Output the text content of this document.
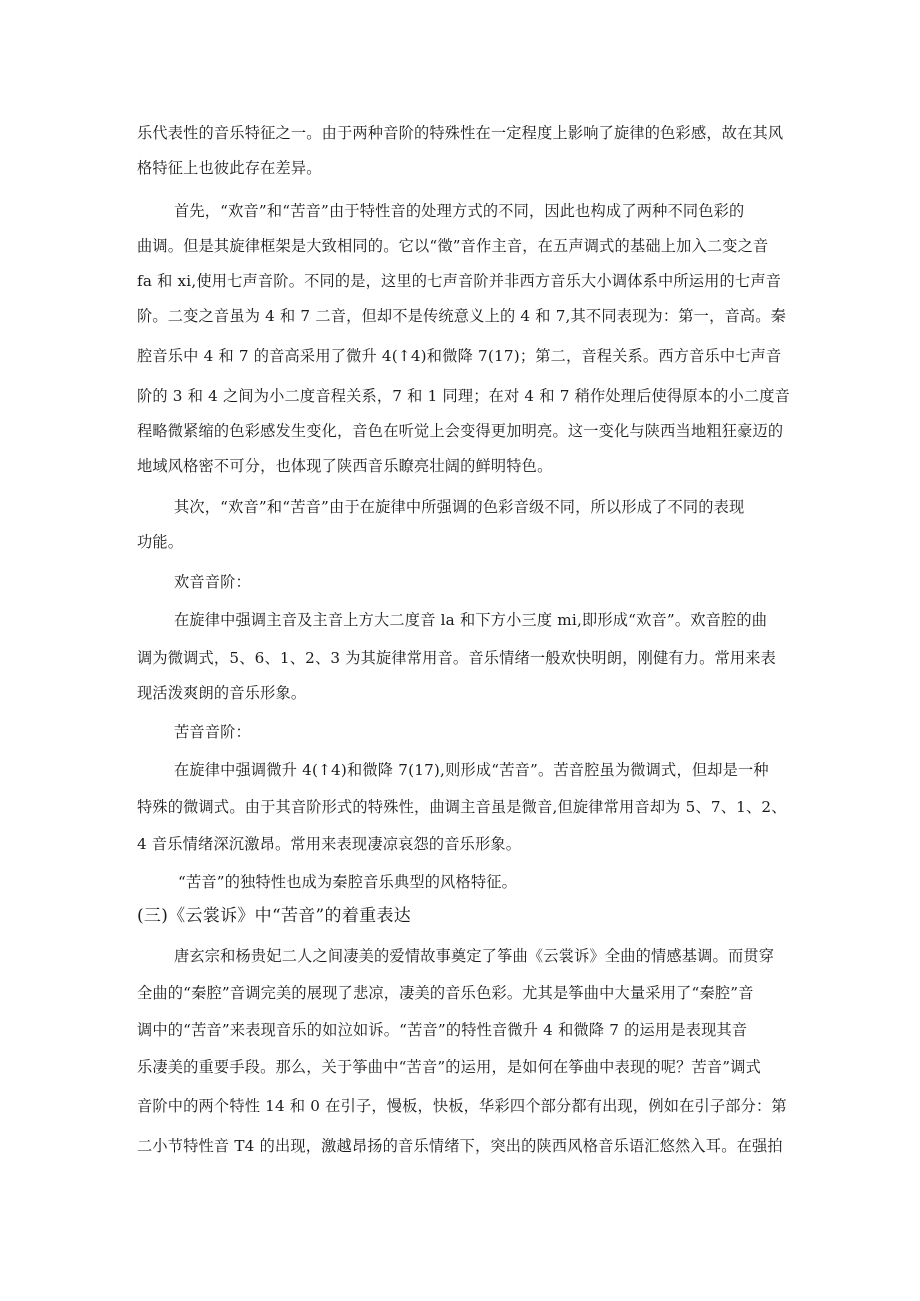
乐代表性的音乐特征之一。由于两种音阶的特殊性在一定程度上影响了旋律的色彩感，故在其风
格特征上也彼此存在差异。
首先，“欢音”和“苦音”由于特性音的处理方式的不同，因此也构成了两种不同色彩的
曲调。但是其旋律框架是大致相同的。它以“徵”音作主音，在五声调式的基础上加入二变之音
fa 和 xi,使用七声音阶。不同的是，这里的七声音阶并非西方音乐大小调体系中所运用的七声音
阶。二变之音虽为 4 和 7 二音，但却不是传统意义上的 4 和 7,其不同表现为：第一，音高。秦
腔音乐中 4 和 7 的音高采用了微升 4(↑4)和微降 7(17)；第二，音程关系。西方音乐中七声音
阶的 3 和 4 之间为小二度音程关系，7 和 1 同理；在对 4 和 7 稍作处理后使得原本的小二度音
程略微紧缩的色彩感发生变化，音色在听觉上会变得更加明亮。这一变化与陕西当地粗狂豪迈的
地域风格密不可分，也体现了陕西音乐瞭亮壮阔的鲜明特色。
其次，“欢音”和“苦音”由于在旋律中所强调的色彩音级不同，所以形成了不同的表现
功能。
欢音音阶：
在旋律中强调主音及主音上方大二度音 la 和下方小三度 mi,即形成“欢音”。欢音腔的曲
调为微调式，5、6、1、2、3 为其旋律常用音。音乐情绪一般欢快明朗，刚健有力。常用来表
现活泼爽朗的音乐形象。
苦音音阶：
在旋律中强调微升 4(↑4)和微降 7(17),则形成“苦音”。苦音腔虽为微调式，但却是一种
特殊的微调式。由于其音阶形式的特殊性，曲调主音虽是微音,但旋律常用音却为 5、7、1、2、
4 音乐情绪深沉激昂。常用来表现凄凉哀怨的音乐形象。
“苦音”的独特性也成为秦腔音乐典型的风格特征。
(三)《云裳诉》中“苦音”的着重表达
唐玄宗和杨贵妃二人之间凄美的爱情故事奠定了筝曲《云裳诉》全曲的情感基调。而贯穿
全曲的“秦腔”音调完美的展现了悲凉，凄美的音乐色彩。尤其是筝曲中大量采用了“秦腔”音
调中的“苦音”来表现音乐的如泣如诉。“苦音”的特性音微升 4 和微降 7 的运用是表现其音
乐凄美的重要手段。那么，关于筝曲中“苦音”的运用，是如何在筝曲中表现的呢？苦音”调式
音阶中的两个特性 14 和 0 在引子，慢板，快板，华彩四个部分都有出现，例如在引子部分：第
二小节特性音 T4 的出现，激越昂扬的音乐情绪下，突出的陕西风格音乐语汇悠然入耳。在强拍
